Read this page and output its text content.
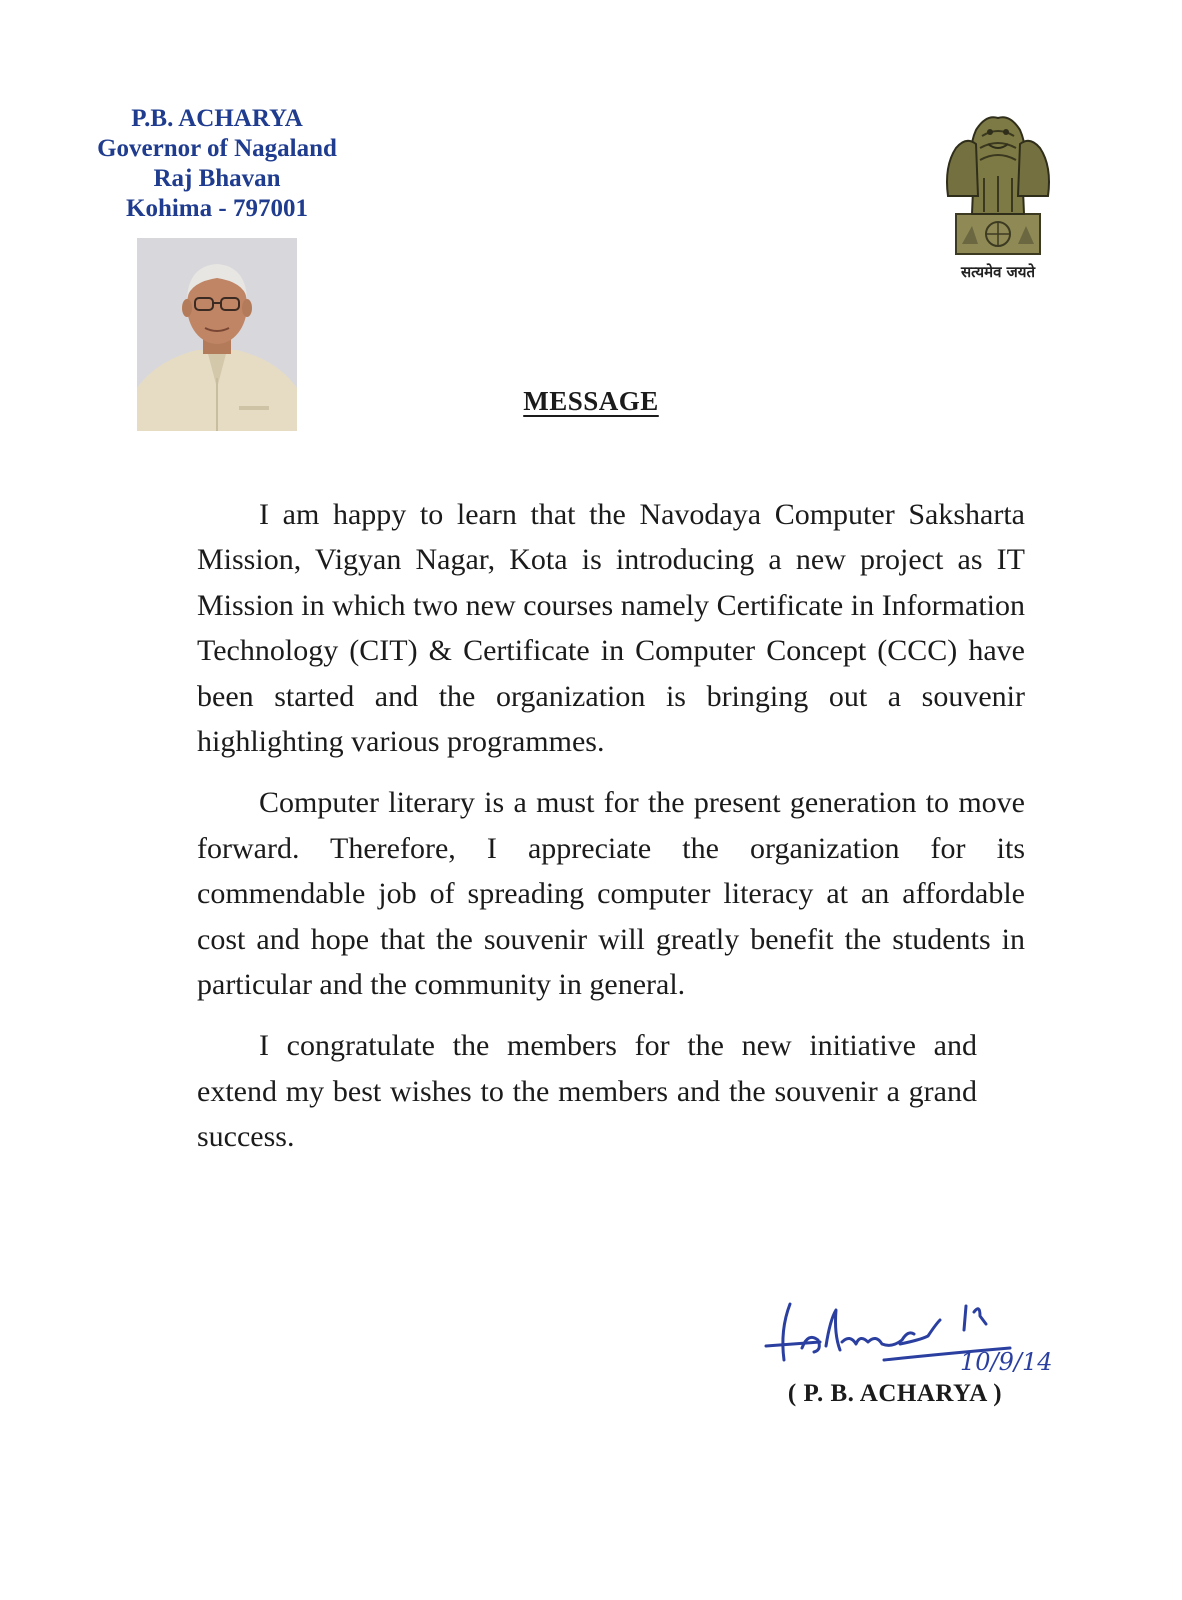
P.B. ACHARYA
Governor of Nagaland
Raj Bhavan
Kohima - 797001
सत्यमेव जयते
MESSAGE

I am happy to learn that the Navodaya Computer Saksharta Mission, Vigyan Nagar, Kota is introducing a new project as IT Mission in which two new courses namely Certificate in Information Technology (CIT) & Certificate in Computer Concept (CCC) have been started and the organization is bringing out a souvenir highlighting various programmes.

Computer literary is a must for the present generation to move forward. Therefore, I appreciate the organization for its commendable job of spreading computer literacy at an affordable cost and hope that the souvenir will greatly benefit the students in particular and the community in general.

I congratulate the members for the new initiative and extend my best wishes to the members and the souvenir a grand success.

10/9/14
( P. B. ACHARYA )
